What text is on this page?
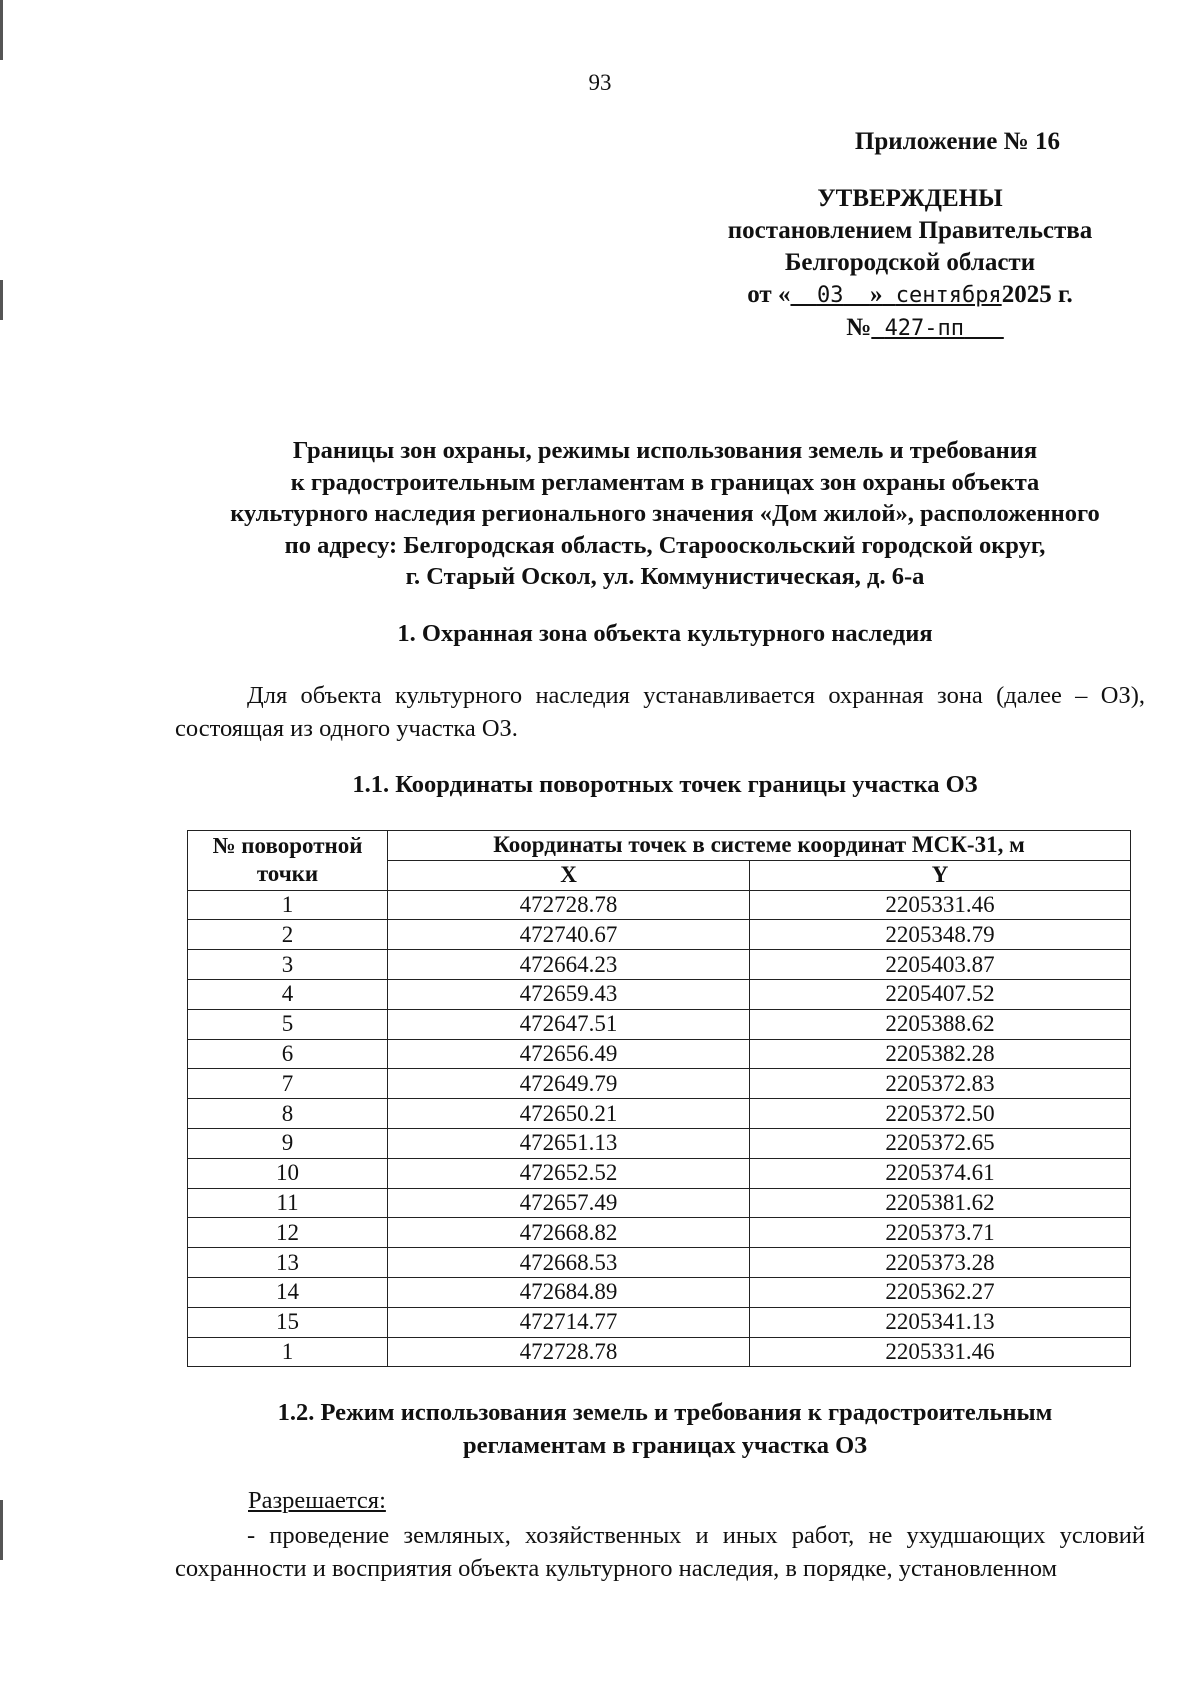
93
Приложение № 16
УТВЕРЖДЕНЫ
постановлением Правительства
Белгородской области
от « 03 » сентября2025 г.
№ 427-пп
Границы зон охраны, режимы использования земель и требования
к градостроительным регламентам в границах зон охраны объекта
культурного наследия регионального значения «Дом жилой», расположенного
по адресу: Белгородская область, Старооскольский городской округ,
г. Старый Оскол, ул. Коммунистическая, д. 6-а
1. Охранная зона объекта культурного наследия
Для объекта культурного наследия устанавливается охранная зона (далее – ОЗ), состоящая из одного участка ОЗ.
1.1. Координаты поворотных точек границы участка ОЗ
№ поворотной точки	Координаты точек в системе координат МСК-31, м	
	X	Y
1	472728.78	2205331.46
2	472740.67	2205348.79
3	472664.23	2205403.87
4	472659.43	2205407.52
5	472647.51	2205388.62
6	472656.49	2205382.28
7	472649.79	2205372.83
8	472650.21	2205372.50
9	472651.13	2205372.65
10	472652.52	2205374.61
11	472657.49	2205381.62
12	472668.82	2205373.71
13	472668.53	2205373.28
14	472684.89	2205362.27
15	472714.77	2205341.13
1	472728.78	2205331.46
1.2. Режим использования земель и требования к градостроительным
регламентам в границах участка ОЗ
Разрешается:
- проведение земляных, хозяйственных и иных работ, не ухудшающих условий сохранности и восприятия объекта культурного наследия, в порядке, установленном
